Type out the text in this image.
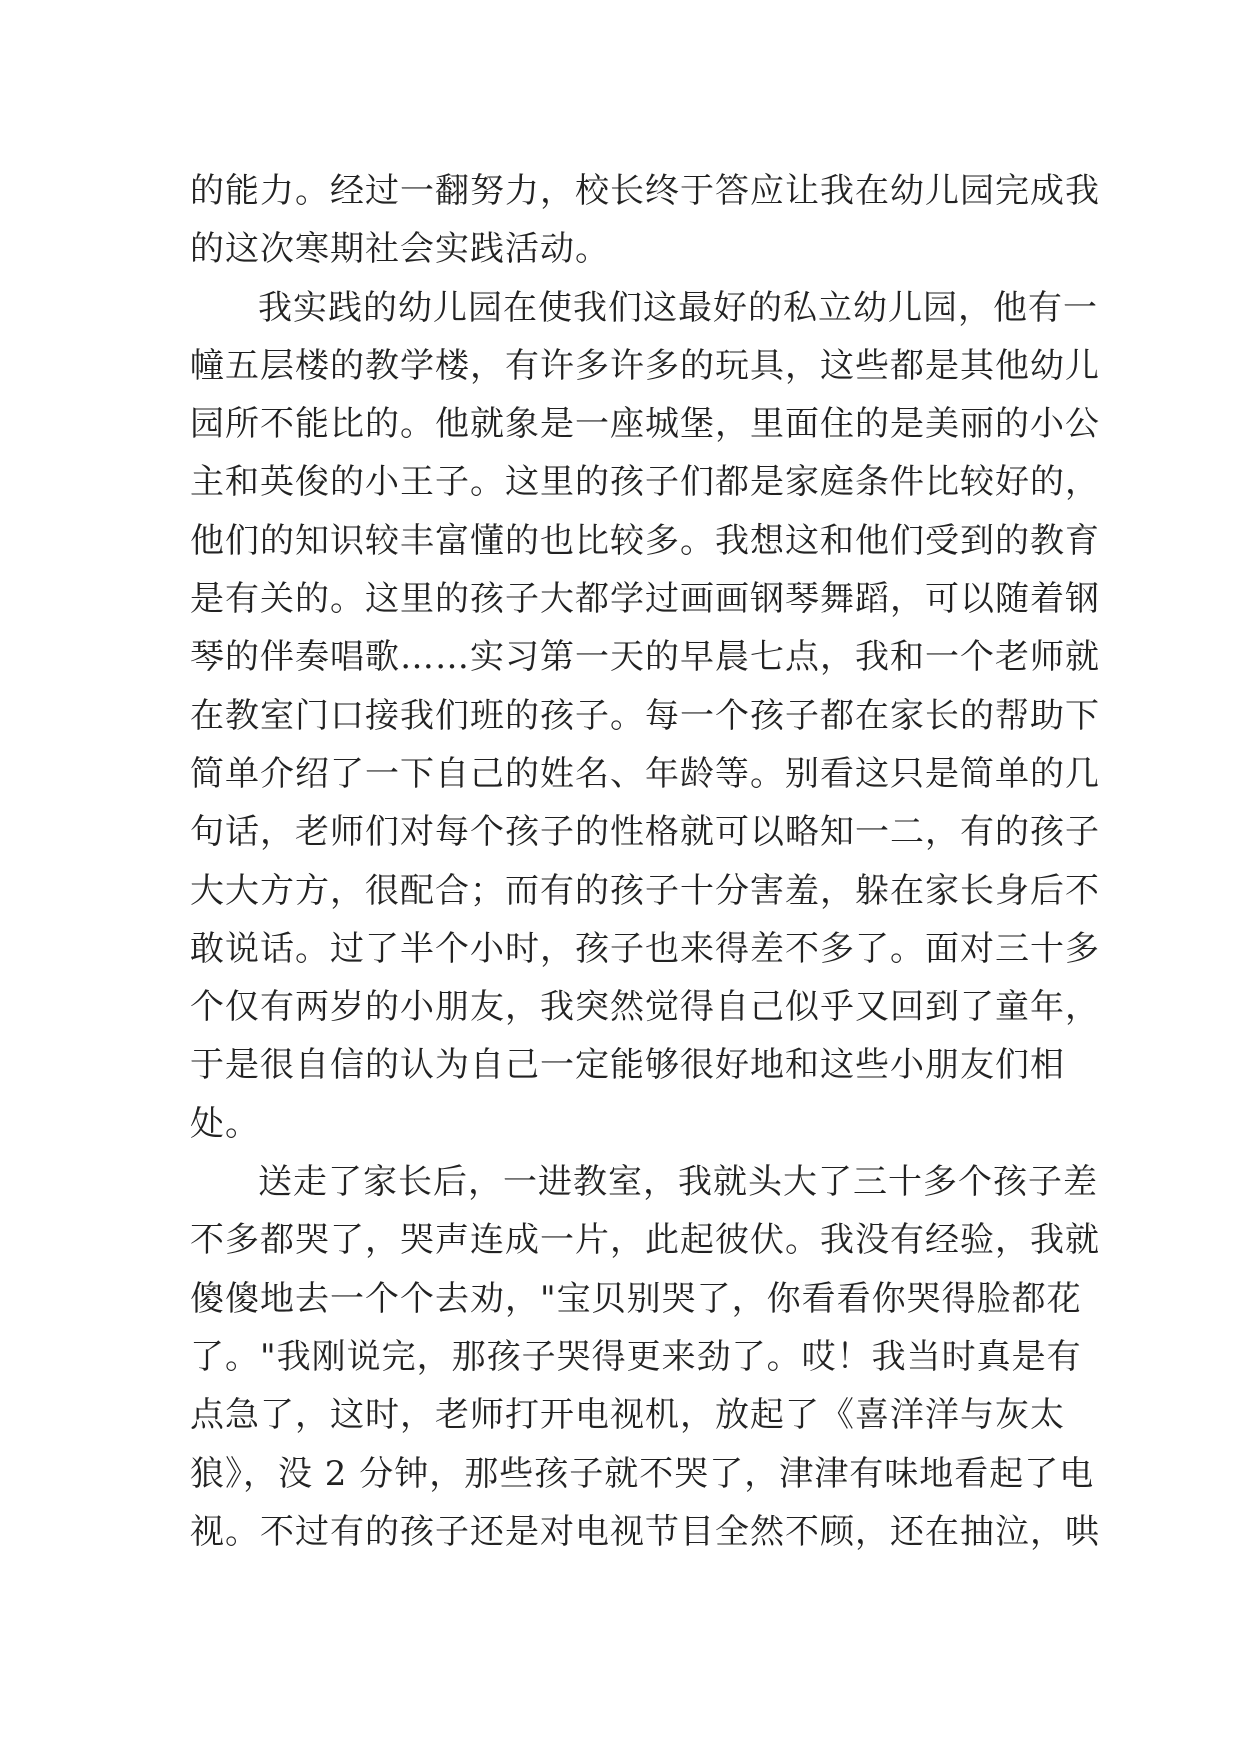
的能力。经过一翻努力，校长终于答应让我在幼儿园完成我
的这次寒期社会实践活动。
我实践的幼儿园在使我们这最好的私立幼儿园，他有一
幢五层楼的教学楼，有许多许多的玩具，这些都是其他幼儿
园所不能比的。他就象是一座城堡，里面住的是美丽的小公
主和英俊的小王子。这里的孩子们都是家庭条件比较好的，
他们的知识较丰富懂的也比较多。我想这和他们受到的教育
是有关的。这里的孩子大都学过画画钢琴舞蹈，可以随着钢
琴的伴奏唱歌……实习第一天的早晨七点，我和一个老师就
在教室门口接我们班的孩子。每一个孩子都在家长的帮助下
简单介绍了一下自己的姓名、年龄等。别看这只是简单的几
句话，老师们对每个孩子的性格就可以略知一二，有的孩子
大大方方，很配合；而有的孩子十分害羞，躲在家长身后不
敢说话。过了半个小时，孩子也来得差不多了。面对三十多
个仅有两岁的小朋友，我突然觉得自己似乎又回到了童年，
于是很自信的认为自己一定能够很好地和这些小朋友们相
处。
送走了家长后，一进教室，我就头大了三十多个孩子差
不多都哭了，哭声连成一片，此起彼伏。我没有经验，我就
傻傻地去一个个去劝，"宝贝别哭了，你看看你哭得脸都花
了。"我刚说完，那孩子哭得更来劲了。哎！我当时真是有
点急了，这时，老师打开电视机，放起了《喜洋洋与灰太
狼》，没 2 分钟，那些孩子就不哭了，津津有味地看起了电
视。不过有的孩子还是对电视节目全然不顾，还在抽泣，哄
